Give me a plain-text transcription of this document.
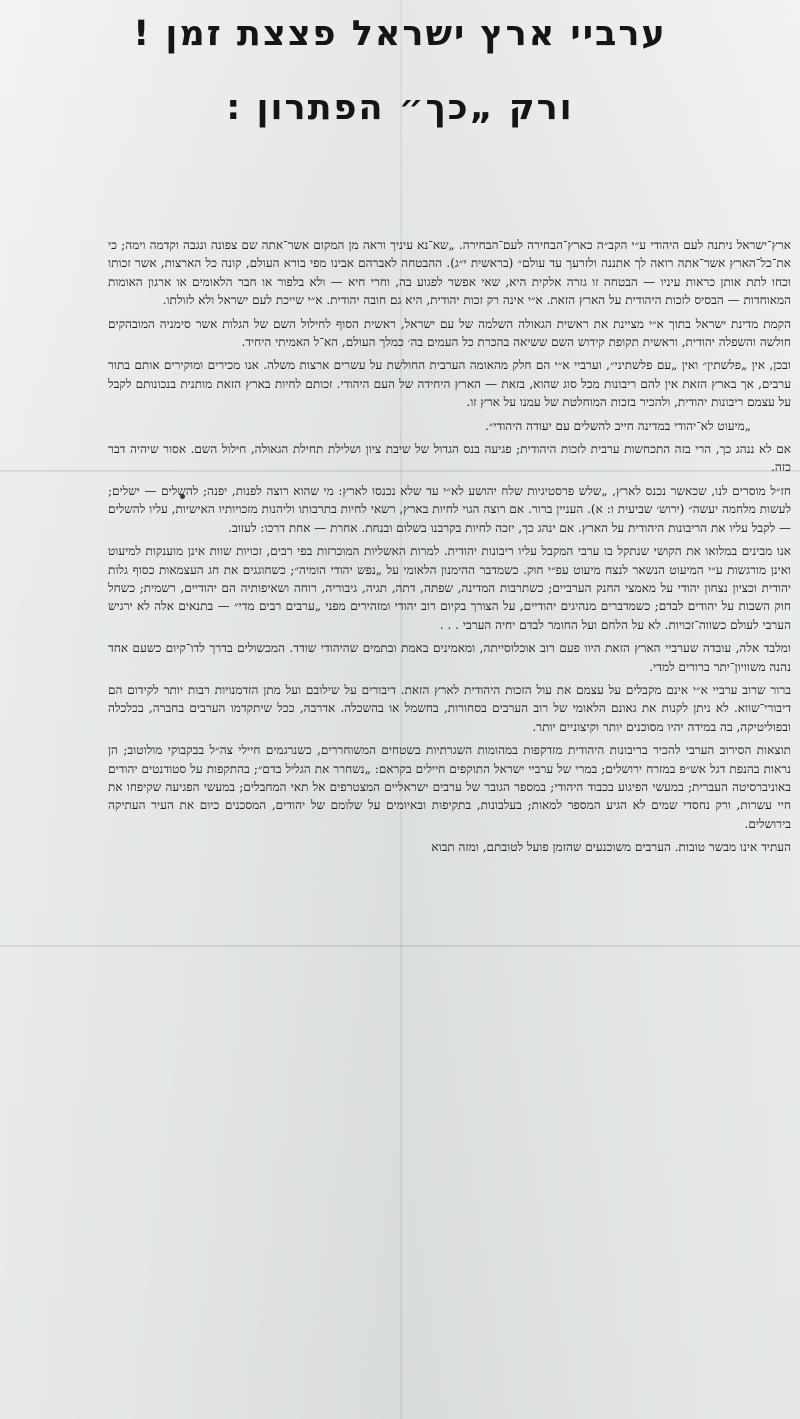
ערביי ארץ ישראל פצצת זמן !
ורק „כך״ הפתרון :

ארץ־ישראל ניתנה לעם היהודי ע״י הקב״ה כארץ־הבחירה לעם־הבחירה. „שא־נא עיניך וראה מן המקום אשר־אתה שם צפונה ונגבה וקדמה וימה; כי את־כל־הארץ אשר־אתה רואה לך אתננה ולזרעך עד עולם״ (בראשית י״ג). ההבטחה לאברהם אבינו מפי בורא העולם, קונה כל הארצות, אשר זכותו וכחו לתת אותן כראות עיניו — הבטחה זו גזרה אלקית היא, שאי אפשר לפגוע בה, וחרי חיא — ולא בלפור או חבר הלאומים או ארגון האומות המאוחדות — הבסיס לזכות היהודית על הארץ הזאת. א״י אינה רק זכות יהודית, היא גם חובה יהודית. א״י שייכת לעם ישראל ולא לזולתו.

הקמת מדינת ישראל בתוך א״י מציינת את ראשית הגאולה השלמה של עם ישראל, ראשית הסוף לחילול השם של הגלות אשר סימניה המובהקים חולשה והשפלה יהודית, וראשית תקופת קידוש השם ששיאה בהכרת כל העמים בה׳ כמלך העולם, הא־ל האמיתי היחיד.

ובכן, אין „פלשתין״ ואין „עם פלשתיני״, וערביי א״י הם חלק מהאומה הערבית החולשת על עשרים ארצות משלה. אנו מכירים ומוקירים אותם בתור ערבים, אך בארץ הזאת אין להם ריבונות מכל סוג שהוא, בזאת — הארץ היחידה של העם היהודי. זכותם לחיות בארץ הזאת מותנית בנכונותם לקבל על עצמם ריבונות יהודית, ולהכיר בזכות המוחלטת של עמנו על ארץ זו.

„מיעוט לא־יהודי במדינה חייב להשלים עם יעודה היהודי״.

אם לא ננהג כך, הרי בזה התכחשות ערבית לזכות היהודית; פגיעה בנס הגדול של שיבת ציון ושלילת תחילת הגאולה, חילול השם. אסור שיהיה דבר כזה.

חז״ל מוסרים לנו, שכאשר נכנס לארץ, „שלש פרסטיגיות שלח יהושע לא״י עד שלא נכנסו לארץ: מי שהוא רוצה לפנות, יפנה; להשלים — ישלים; לעשות מלחמה יעשה״ (ירוש׳ שביעית ו: א). העניין ברור. אם רוצה הגוי לחיות בארץ, רשאי לחיות בתרבותו וליהנות מזכויותיו האישיות, עליו להשלים — לקבל עליו את הריבונות היהודית על הארץ. אם ינהג כך, יזכה לחיות בקרבנו בשלום ובנחת. אחרת — אחת דרכו: לעזוב.

אנו מבינים במלואו את הקושי שנתקל בו ערבי המקבל עליו ריבונות יהודית. למרות האשליות המוכרזות בפי רבים, זכויות שוות אינן מוענקות למיעוט ואינן מורגשות ע״י המיעוט הנשאר לנצח מיעוט עפ״י חוק. כשמדבר ההימנון הלאומי על „נפש יהודי הומיה״; כשחוגגים את חג העצמאות כסוף גלות יהודית וכציון נצחון יהודי על מאמצי החנק הערביים; כשתרבות המדינה, שפתה, דתה, תגיה, גיבוריה, רוחה ושאיפותיה הם יהודיים, רשמית; כשחל חוק השבות על יהודים לבדם; כשמדברים מנהיגים יהודיים, על הצורך בקיום רוב יהודי ומזהירים מפני „ערבים רבים מדי״ — בתנאים אלה לא ירגיש הערבי לעולם כשווה־זכויות. לא על הלחם ועל החומר לבדם יחיה הערבי . . .

ומלבד אלה, עובדה שערביי הארץ הזאת היוו פעם רוב אוכלוסייתה, ומאמינים באמת ובתמים שהיהודי שודד. המכשולים בדרך לדו־קיום כשעם אחד נהנה משוויון־יתר ברורים למדי.

ברור שרוב ערביי א״י אינם מקבלים על עצמם את עול הזכות היהודית לארץ הזאת. דיבורים על שילובם ועל מתן הזדמנויות רבות יותר לקידום הם דיבורי־שווא. לא ניתן לקנות את גאונם הלאומי של רוב הערבים בסחורות, בחשמל או בהשכלה. אדרבה, ככל שיתקדמו הערבים בחברה, בכלכלה ובפוליטיקה, בה במידה יהיו מסוכנים יותר וקיצוניים יותר.

תוצאות הסירוב הערבי להכיר בריבונות היהודית מזדקפות במהומות השגרתיות בשטחים המשוחררים, כשנרגמים חיילי צה״ל בבקבוקי מולוטוב; הן נראות בהנפת דגל אש״פ במזרח ירושלים; במרי של ערביי ישראל התוקפים חיילים בקראם: „נשחרר את הגליל בדם״; בהתקפות על סטודנטים יהודים באוניברסיטה העברית; במעשי הפיגוע בכבוד היהודי; במספר הגובר של ערבים ישראליים המצטרפים אל תאי המחבלים; במעשי הפגיעה שקיפחו את חיי עשרות, ורק נחסדי שמים לא הגיע המספר למאות; בעלבונות, בתקיפות ובאיומים על שלומם של יהודים, המסכנים כיום את העיר העתיקה בירושלים.

העתיד אינו מבשר טובות. הערבים משוכנעים שהזמן פועל לטובתם, ומזה תבוא
